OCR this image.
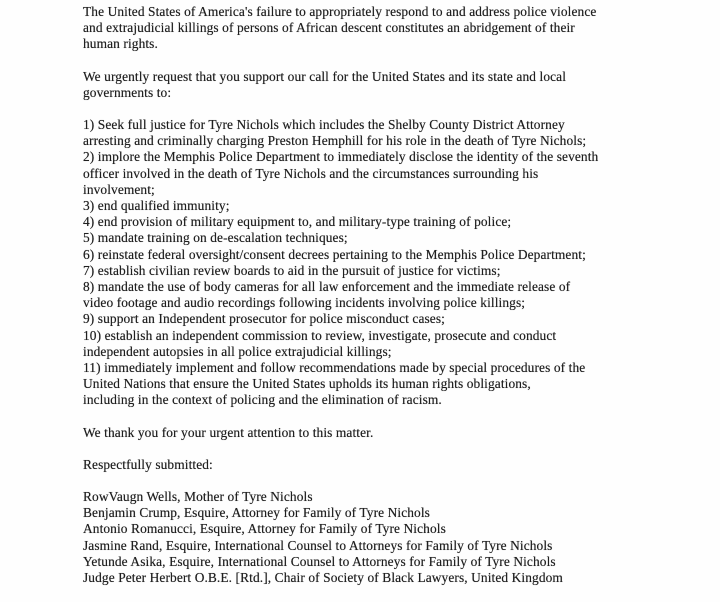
The United States of America's failure to appropriately respond to and address police violence
and extrajudicial killings of persons of African descent constitutes an abridgement of their
human rights.
We urgently request that you support our call for the United States and its state and local
governments to:
1) Seek full justice for Tyre Nichols which includes the Shelby County District Attorney
arresting and criminally charging Preston Hemphill for his role in the death of Tyre Nichols;
2) implore the Memphis Police Department to immediately disclose the identity of the seventh
officer involved in the death of Tyre Nichols and the circumstances surrounding his
involvement;
3) end qualified immunity;
4) end provision of military equipment to, and military-type training of police;
5) mandate training on de-escalation techniques;
6) reinstate federal oversight/consent decrees pertaining to the Memphis Police Department;
7) establish civilian review boards to aid in the pursuit of justice for victims;
8) mandate the use of body cameras for all law enforcement and the immediate release of
video footage and audio recordings following incidents involving police killings;
9) support an Independent prosecutor for police misconduct cases;
10) establish an independent commission to review, investigate, prosecute and conduct
independent autopsies in all police extrajudicial killings;
11) immediately implement and follow recommendations made by special procedures of the
United Nations that ensure the United States upholds its human rights obligations,
including in the context of policing and the elimination of racism.
We thank you for your urgent attention to this matter.
Respectfully submitted:
RowVaugn Wells, Mother of Tyre Nichols
Benjamin Crump, Esquire, Attorney for Family of Tyre Nichols
Antonio Romanucci, Esquire, Attorney for Family of Tyre Nichols
Jasmine Rand, Esquire, International Counsel to Attorneys for Family of Tyre Nichols
Yetunde Asika, Esquire, International Counsel to Attorneys for Family of Tyre Nichols
Judge Peter Herbert O.B.E. [Rtd.], Chair of Society of Black Lawyers, United Kingdom
